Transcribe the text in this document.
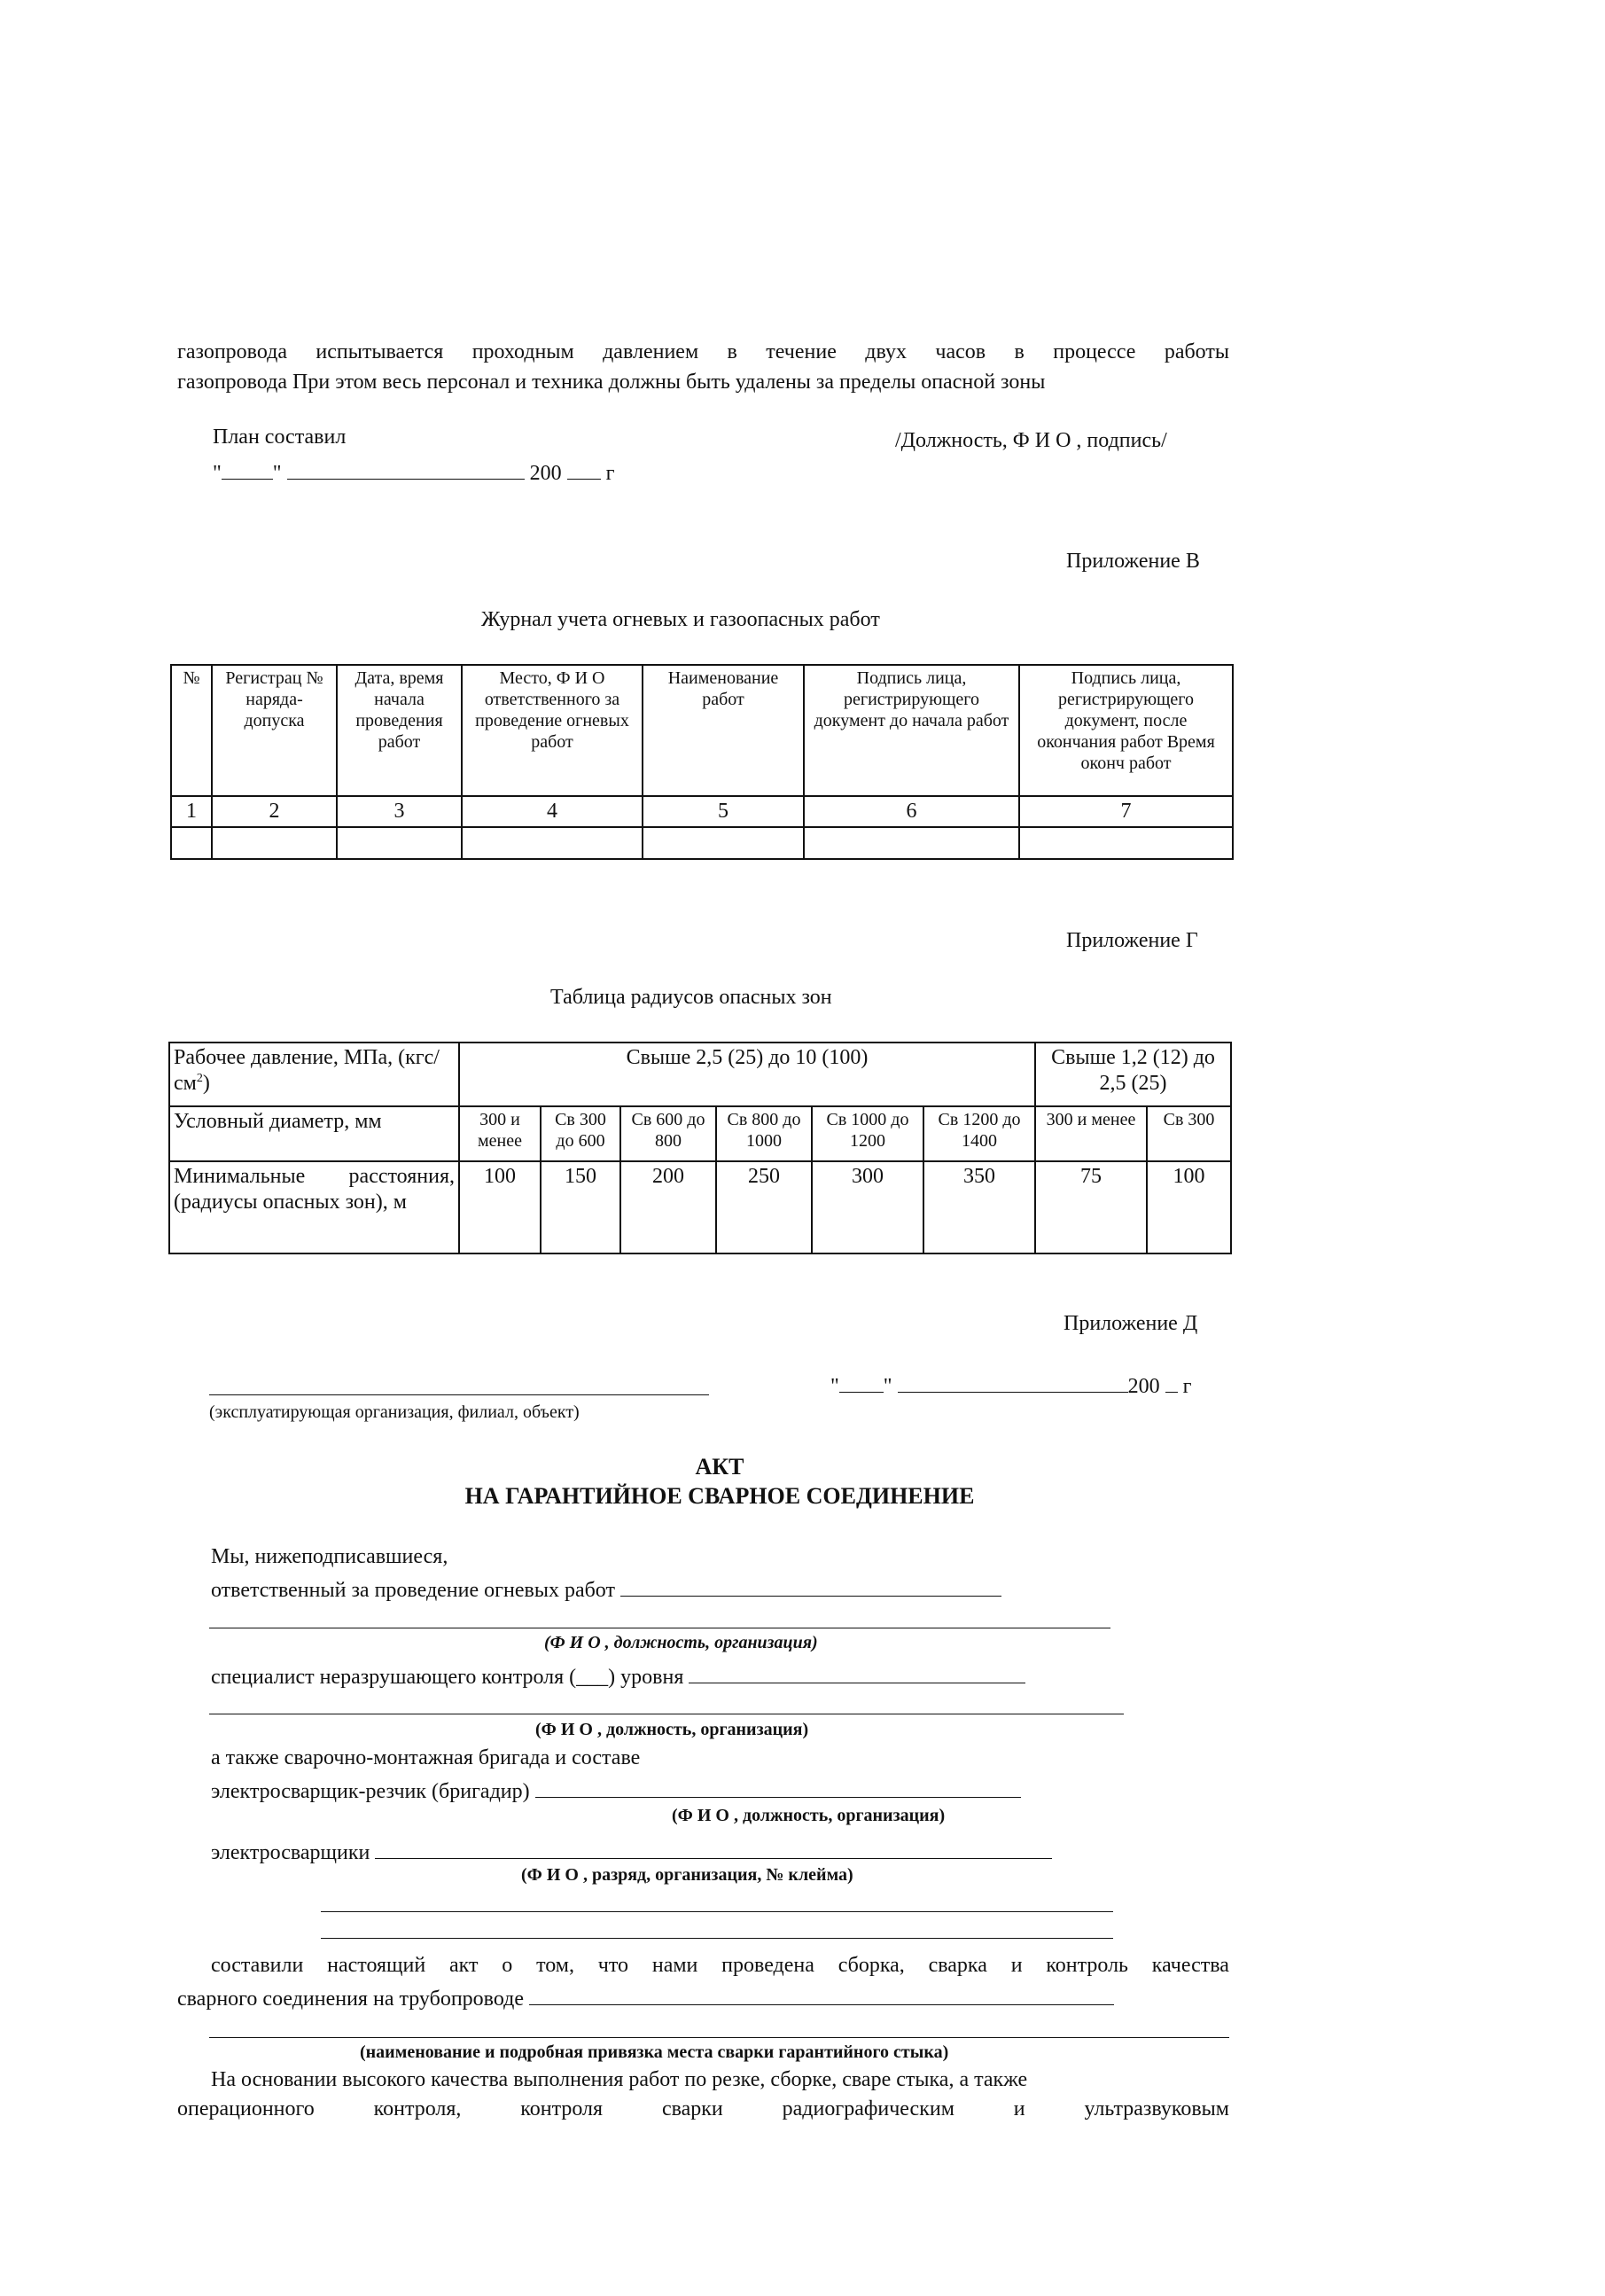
газопровода испытывается проходным давлением в течение двух часов в процессе работы
газопровода При этом весь персонал и техника должны быть удалены за пределы опасной зоны
План составил	/Должность, Ф И О , подпись/
" "	200 г
Приложение В
Журнал учета огневых и газоопасных работ
№	Регистрац № наряда-допуска	Дата, время начала проведения работ	Место, Ф И О ответственного за проведение огневых работ	Наименование работ	Подпись лица, регистрирующего документ до начала работ	Подпись лица, регистрирующего документ, после окончания работ Время оконч работ
1	2	3	4	5	6	7

Приложение Г
Таблица радиусов опасных зон
Рабочее давление, МПа, $(кгс/см^2)$	Свыше 2,5 (25) до 10 (100)						Свыше 1,2 (12) до 2,5 (25)	
Условный диаметр, мм	300 и менее	Св 300 до 600	Св 600 до 800	Св 800 до 1000	Св 1000 до 1200	Св 1200 до 1400	300 и менее	Св 300
Минимальные расстояния, (радиусы опасных зон), м	100	150	200	250	300	350	75	100
Приложение Д
(эксплуатирующая организация, филиал, объект)
" "	200 г
АКТ
НА ГАРАНТИЙНОЕ СВАРНОЕ СОЕДИНЕНИЕ
Мы, нижеподписавшиеся,
ответственный за проведение огневых работ
(Ф И О , должность, организация)
специалист неразрушающего контроля (___) уровня
(Ф И О , должность, организация)
а также сварочно-монтажная бригада и составе
электросварщик-резчик (бригадир)
(Ф И О , должность, организация)
электросварщики
(Ф И О , разряд, организация, № клейма)
составили настоящий акт о том, что нами проведена сборка, сварка и контроль качества
сварного соединения на трубопроводе
(наименование и подробная привязка места сварки гарантийного стыка)
На основании высокого качества выполнения работ по резке, сборке, сваре стыка, а также
операционного	контроля,	контроля	сварки	радиографическим	и	ультразвуковым
